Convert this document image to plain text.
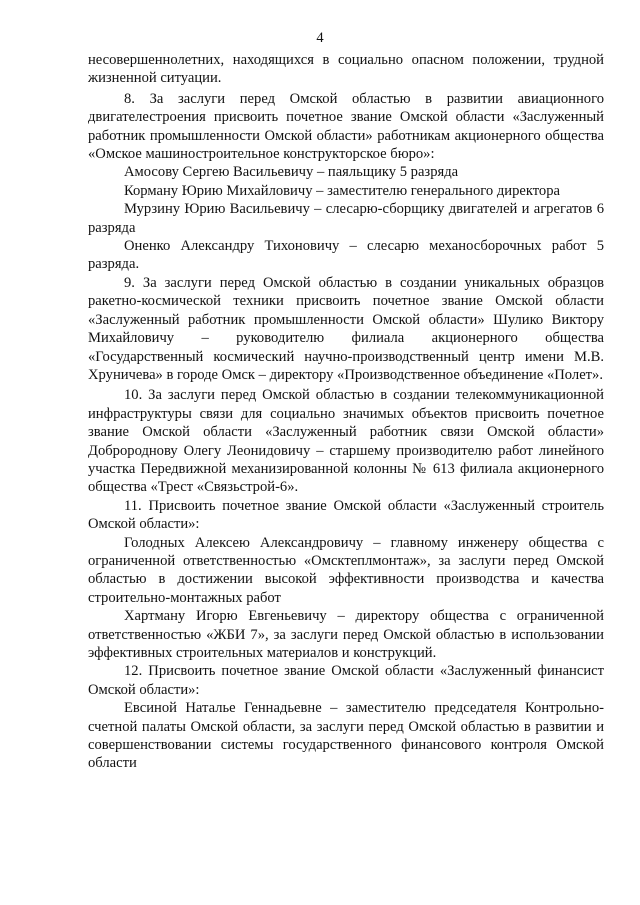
4

несовершеннолетних, находящихся в социально опасном положении, трудной жизненной ситуации.

8. За заслуги перед Омской областью в развитии авиационного двигателестроения присвоить почетное звание Омской области «Заслуженный работник промышленности Омской области» работникам акционерного общества «Омское машиностроительное конструкторское бюро»:

Амосову Сергею Васильевичу – паяльщику 5 разряда

Корману Юрию Михайловичу – заместителю генерального директора

Мурзину Юрию Васильевичу – слесарю-сборщику двигателей и агрегатов 6 разряда

Оненко Александру Тихоновичу – слесарю механосборочных работ 5 разряда.

9. За заслуги перед Омской областью в создании уникальных образцов ракетно-космической техники присвоить почетное звание Омской области «Заслуженный работник промышленности Омской области» Шулико Виктору Михайловичу – руководителю филиала акционерного общества «Государственный космический научно-производственный центр имени М.В. Хруничева» в городе Омск – директору «Производственное объединение «Полет».

10. За заслуги перед Омской областью в создании телекоммуникационной инфраструктуры связи для социально значимых объектов присвоить почетное звание Омской области «Заслуженный работник связи Омской области» Добророднову Олегу Леонидовичу – старшему производителю работ линейного участка Передвижной механизированной колонны № 613 филиала акционерного общества «Трест «Связьстрой-6».

11. Присвоить почетное звание Омской области «Заслуженный строитель Омской области»:

Голодных Алексею Александровичу – главному инженеру общества с ограниченной ответственностью «Омсктеплмонтаж», за заслуги перед Омской областью в достижении высокой эффективности производства и качества строительно-монтажных работ

Хартману Игорю Евгеньевичу – директору общества с ограниченной ответственностью «ЖБИ 7», за заслуги перед Омской областью в использовании эффективных строительных материалов и конструкций.

12. Присвоить почетное звание Омской области «Заслуженный финансист Омской области»:

Евсиной Наталье Геннадьевне – заместителю председателя Контрольно-счетной палаты Омской области, за заслуги перед Омской областью в развитии и совершенствовании системы государственного финансового контроля Омской области
